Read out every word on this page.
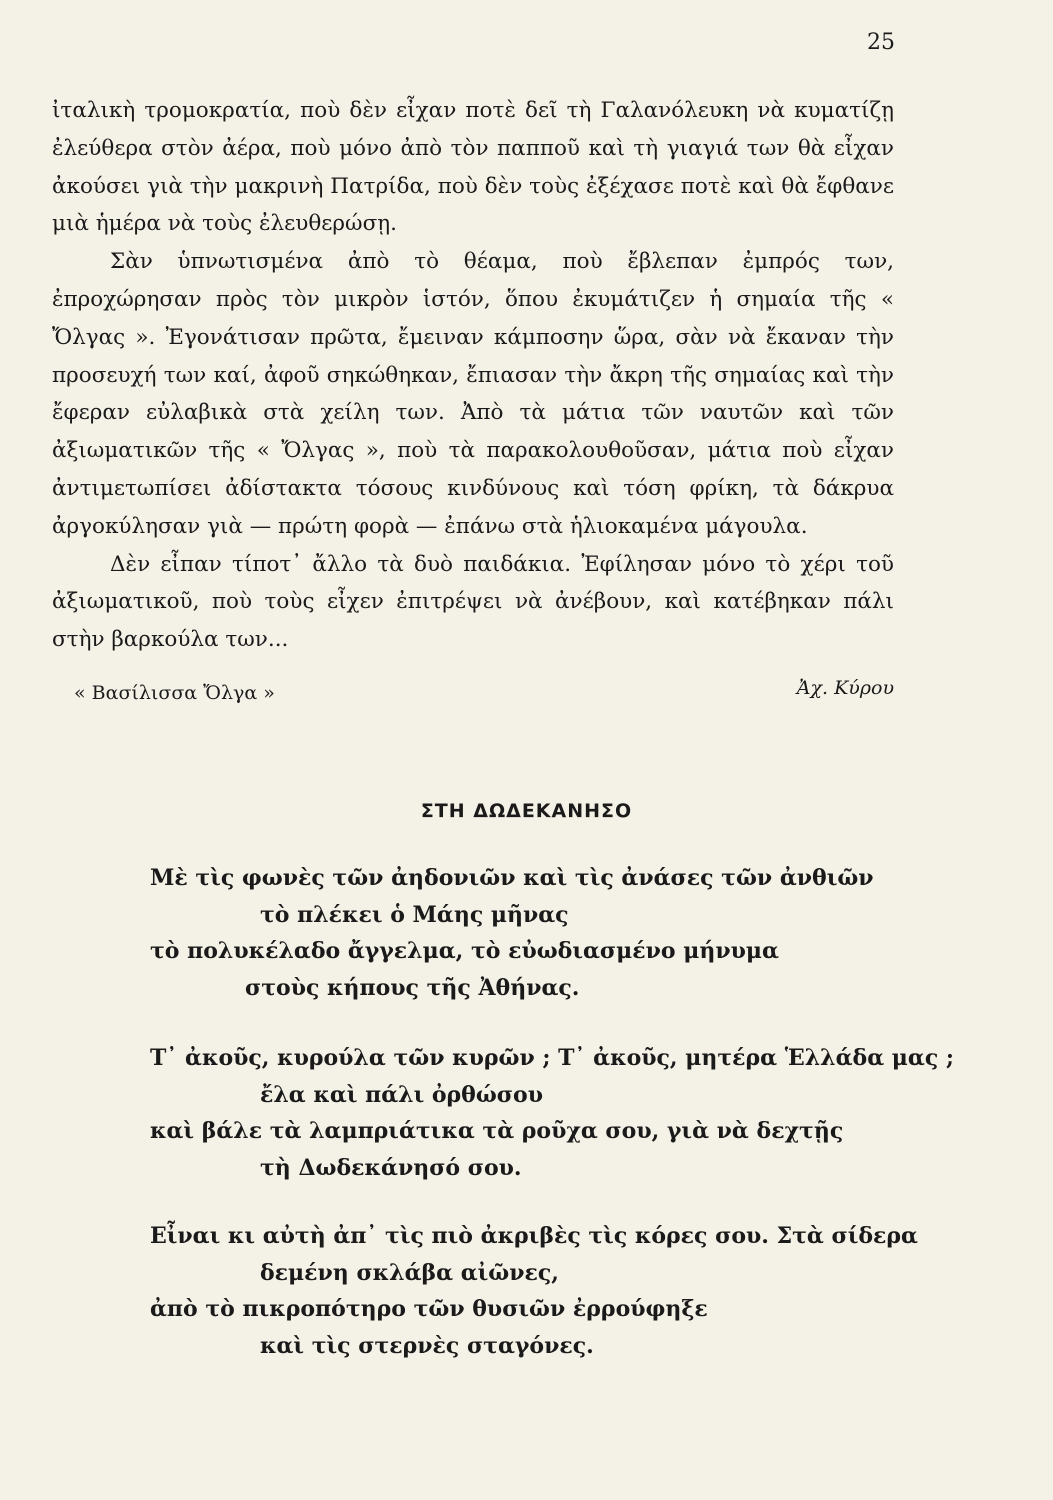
25

ἰταλικὴ τρομοκρατία, ποὺ δὲν εἶχαν ποτὲ δεῖ τὴ Γαλανόλευκη νὰ κυματίζῃ ἐλεύθερα στὸν ἀέρα, ποὺ μόνο ἀπὸ τὸν παπποῦ καὶ τὴ γιαγιά των θὰ εἶχαν ἀκούσει γιὰ τὴν μακρινὴ Πατρίδα, ποὺ δὲν τοὺς ἐξέχασε ποτὲ καὶ θὰ ἔφθανε μιὰ ἡμέρα νὰ τοὺς ἐλευθερώσῃ.

Σὰν ὑπνωτισμένα ἀπὸ τὸ θέαμα, ποὺ ἔβλεπαν ἐμπρός των, ἐπροχώρησαν πρὸς τὸν μικρὸν ἱστόν, ὅπου ἐκυμάτιζεν ἡ σημαία τῆς « Ὄλγας ». Ἐγονάτισαν πρῶτα, ἔμειναν κάμποσην ὥρα, σὰν νὰ ἔκαναν τὴν προσευχή των καί, ἀφοῦ σηκώθηκαν, ἔπιασαν τὴν ἄκρη τῆς σημαίας καὶ τὴν ἔφεραν εὐλαβικὰ στὰ χείλη των. Ἀπὸ τὰ μάτια τῶν ναυτῶν καὶ τῶν ἀξιωματικῶν τῆς « Ὄλγας », ποὺ τὰ παρακολουθοῦσαν, μάτια ποὺ εἶχαν ἀντιμετωπίσει ἀδίστακτα τόσους κινδύνους καὶ τόση φρίκη, τὰ δάκρυα ἀργοκύλησαν γιὰ — πρώτη φορὰ — ἐπάνω στὰ ἡλιοκαμένα μάγουλα.

Δὲν εἶπαν τίποτ᾽ ἄλλο τὰ δυὸ παιδάκια. Ἐφίλησαν μόνο τὸ χέρι τοῦ ἀξιωματικοῦ, ποὺ τοὺς εἶχεν ἐπιτρέψει νὰ ἀνέβουν, καὶ κατέβηκαν πάλι στὴν βαρκούλα των...

« Βασίλισσα Ὄλγα »	Ἀχ. Κύρου
ΣΤΗ ΔΩΔΕΚΑΝΗΣΟ
Μὲ τὶς φωνὲς τῶν ἀηδονιῶν καὶ τὶς ἀνάσες τῶν ἀνθιῶν
τὸ πλέκει ὁ Μάης μῆνας
τὸ πολυκέλαδο ἄγγελμα, τὸ εὐωδιασμένο μήνυμα
στοὺς κήπους τῆς Ἀθήνας.
Τ᾽ ἀκοῦς, κυρούλα τῶν κυρῶν ; Τ᾽ ἀκοῦς, μητέρα Ἑλλάδα μας ;
ἔλα καὶ πάλι ὀρθώσου
καὶ βάλε τὰ λαμπριάτικα τὰ ροῦχα σου, γιὰ νὰ δεχτῇς
τὴ Δωδεκάνησό σου.
Εἶναι κι αὐτὴ ἀπ᾽ τὶς πιὸ ἀκριβὲς τὶς κόρες σου. Στὰ σίδερα
δεμένη σκλάβα αἰῶνες,
ἀπὸ τὸ πικροπότηρο τῶν θυσιῶν ἐρρούφηξε
καὶ τὶς στερνὲς σταγόνες.
